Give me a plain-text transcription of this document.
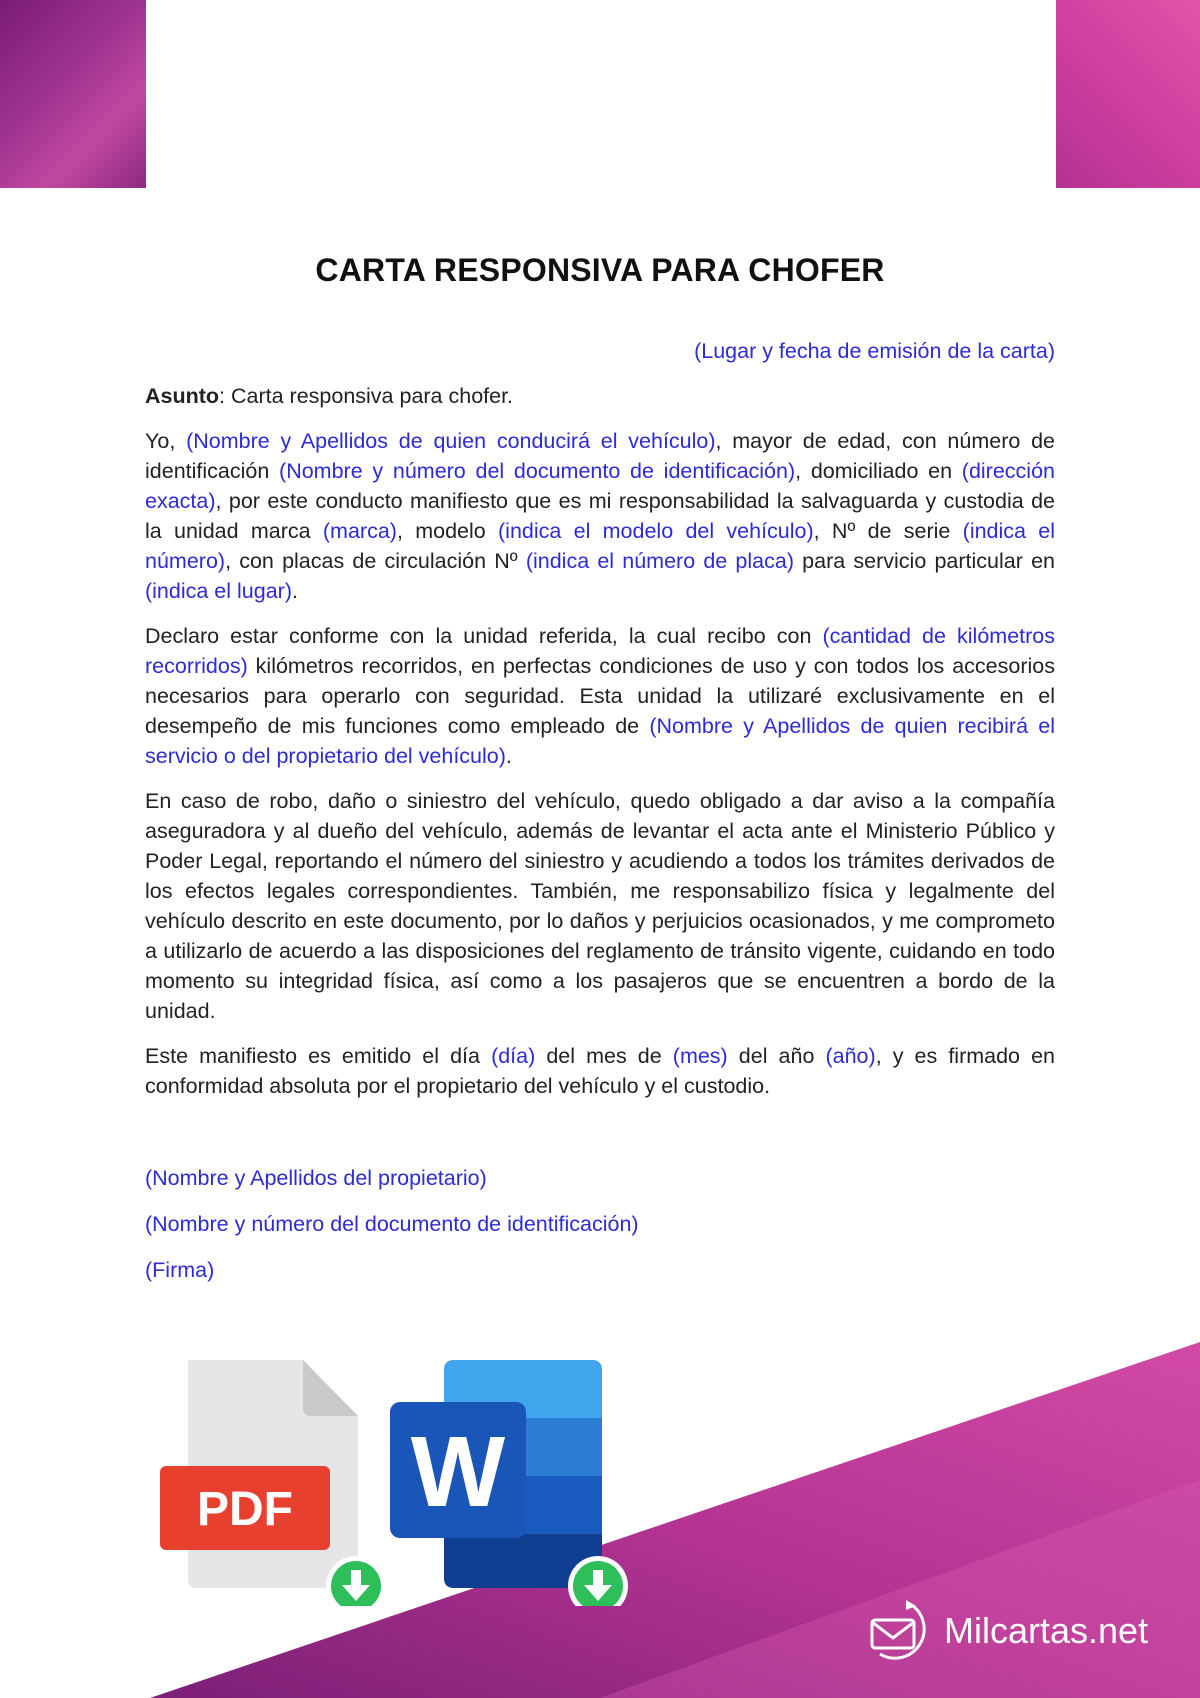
CARTA RESPONSIVA PARA CHOFER

(Lugar y fecha de emisión de la carta)

Asunto: Carta responsiva para chofer.

Yo, (Nombre y Apellidos de quien conducirá el vehículo), mayor de edad, con número de identificación (Nombre y número del documento de identificación), domiciliado en (dirección exacta), por este conducto manifiesto que es mi responsabilidad la salvaguarda y custodia de la unidad marca (marca), modelo (indica el modelo del vehículo), Nº de serie (indica el número), con placas de circulación Nº (indica el número de placa) para servicio particular en (indica el lugar).

Declaro estar conforme con la unidad referida, la cual recibo con (cantidad de kilómetros recorridos) kilómetros recorridos, en perfectas condiciones de uso y con todos los accesorios necesarios para operarlo con seguridad. Esta unidad la utilizaré exclusivamente en el desempeño de mis funciones como empleado de (Nombre y Apellidos de quien recibirá el servicio o del propietario del vehículo).

En caso de robo, daño o siniestro del vehículo, quedo obligado a dar aviso a la compañía aseguradora y al dueño del vehículo, además de levantar el acta ante el Ministerio Público y Poder Legal, reportando el número del siniestro y acudiendo a todos los trámites derivados de los efectos legales correspondientes. También, me responsabilizo física y legalmente del vehículo descrito en este documento, por lo daños y perjuicios ocasionados, y me comprometo a utilizarlo de acuerdo a las disposiciones del reglamento de tránsito vigente, cuidando en todo momento su integridad física, así como a los pasajeros que se encuentren a bordo de la unidad.

Este manifiesto es emitido el día (día) del mes de (mes) del año (año), y es firmado en conformidad absoluta por el propietario del vehículo y el custodio.

(Nombre y Apellidos del propietario)

(Nombre y número del documento de identificación)

(Firma)

PDF W
Milcartas.net
